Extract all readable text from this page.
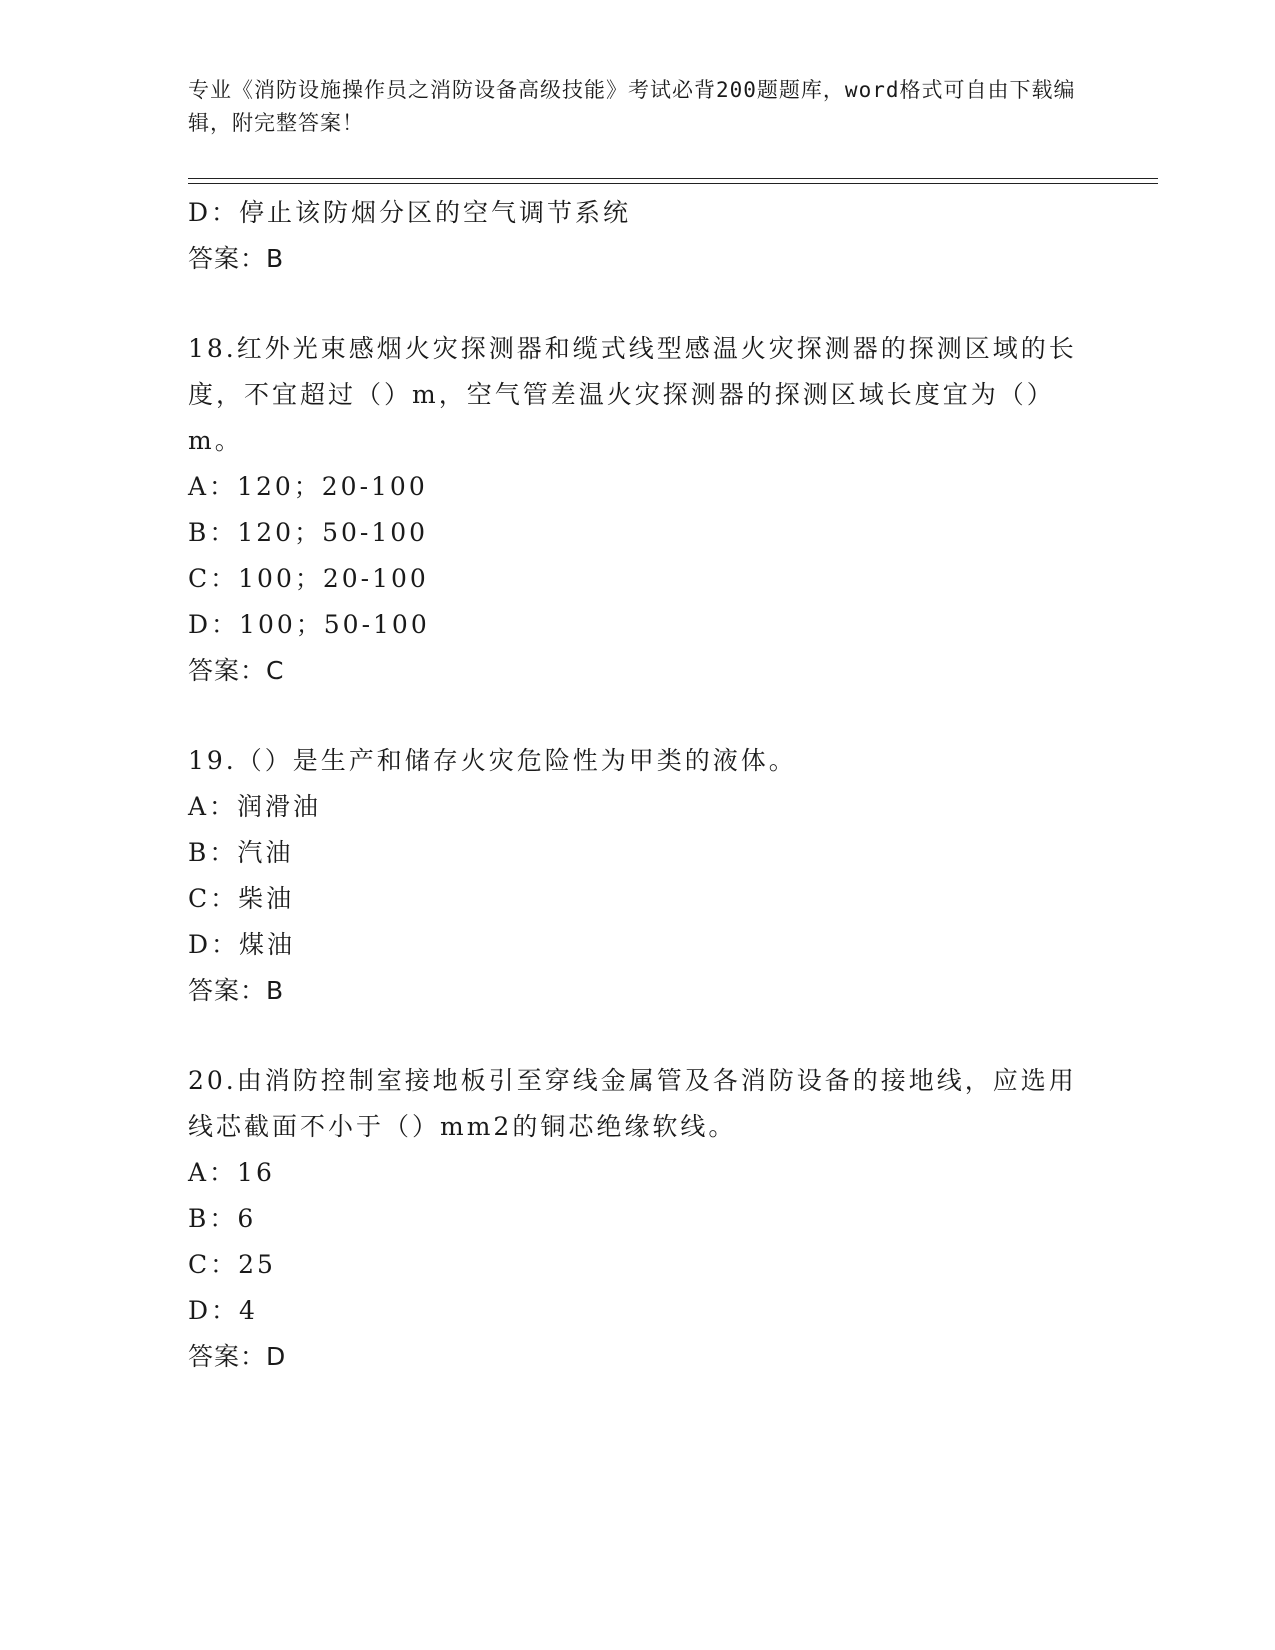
专业《消防设施操作员之消防设备高级技能》考试必背200题题库，word格式可自由下载编辑，附完整答案！
D：停止该防烟分区的空气调节系统
答案：B
18.红外光束感烟火灾探测器和缆式线型感温火灾探测器的探测区域的长度，不宜超过（）m，空气管差温火灾探测器的探测区域长度宜为（）m。
A：120；20-100
B：120；50-100
C：100；20-100
D：100；50-100
答案：C
19.（）是生产和储存火灾危险性为甲类的液体。
A：润滑油
B：汽油
C：柴油
D：煤油
答案：B
20.由消防控制室接地板引至穿线金属管及各消防设备的接地线，应选用线芯截面不小于（）mm2的铜芯绝缘软线。
A：16
B：6
C：25
D：4
答案：D
